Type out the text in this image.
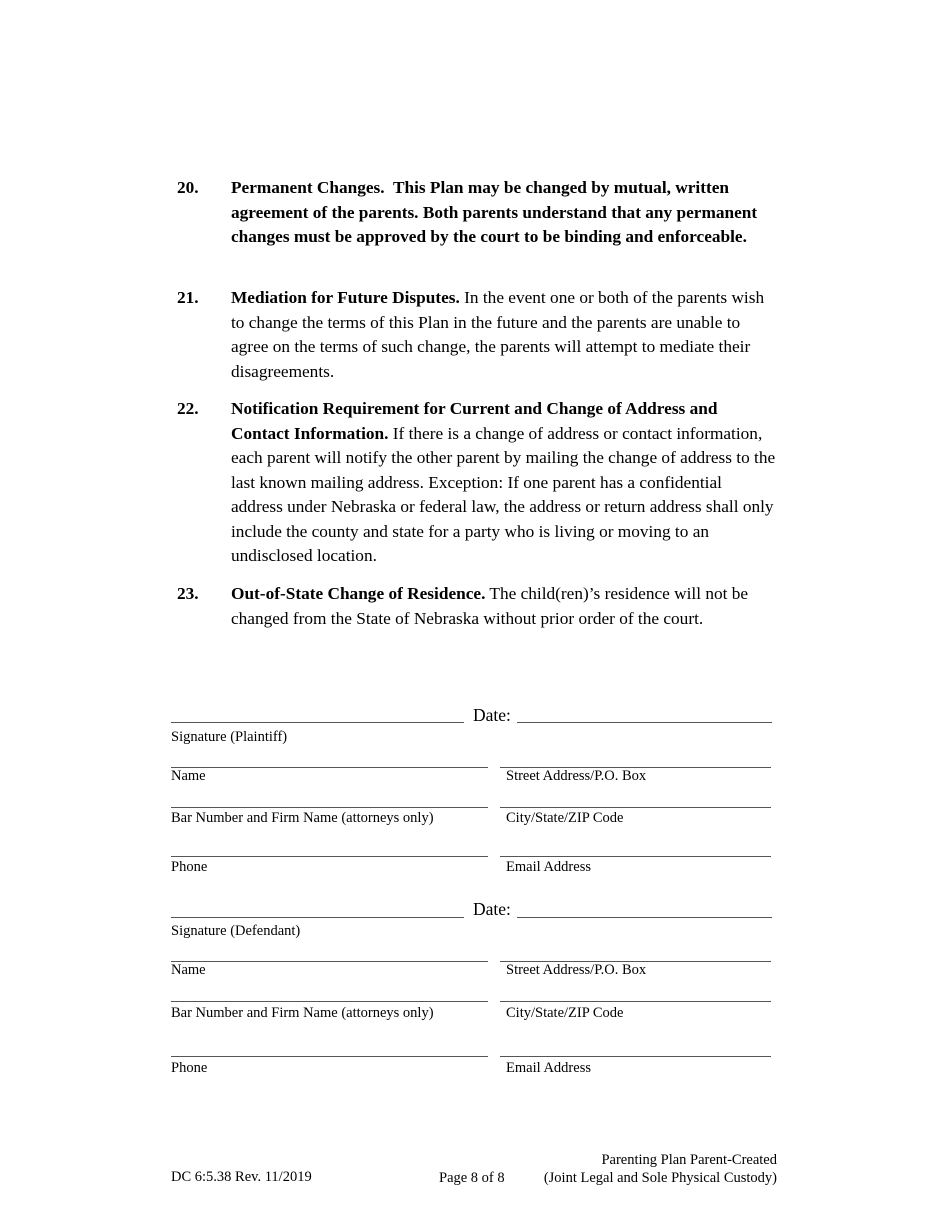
20. Permanent Changes. This Plan may be changed by mutual, written agreement of the parents. Both parents understand that any permanent changes must be approved by the court to be binding and enforceable.
21. Mediation for Future Disputes. In the event one or both of the parents wish to change the terms of this Plan in the future and the parents are unable to agree on the terms of such change, the parents will attempt to mediate their disagreements.
22. Notification Requirement for Current and Change of Address and Contact Information. If there is a change of address or contact information, each parent will notify the other parent by mailing the change of address to the last known mailing address. Exception: If one parent has a confidential address under Nebraska or federal law, the address or return address shall only include the county and state for a party who is living or moving to an undisclosed location.
23. Out-of-State Change of Residence. The child(ren)’s residence will not be changed from the State of Nebraska without prior order of the court.
Date:
Signature (Plaintiff)
Name	Street Address/P.O. Box
Bar Number and Firm Name (attorneys only)	City/State/ZIP Code
Phone	Email Address
Date:
Signature (Defendant)
Name	Street Address/P.O. Box
Bar Number and Firm Name (attorneys only)	City/State/ZIP Code
Phone	Email Address
DC 6:5.38 Rev. 11/2019	Page 8 of 8
Parenting Plan Parent-Created
(Joint Legal and Sole Physical Custody)
